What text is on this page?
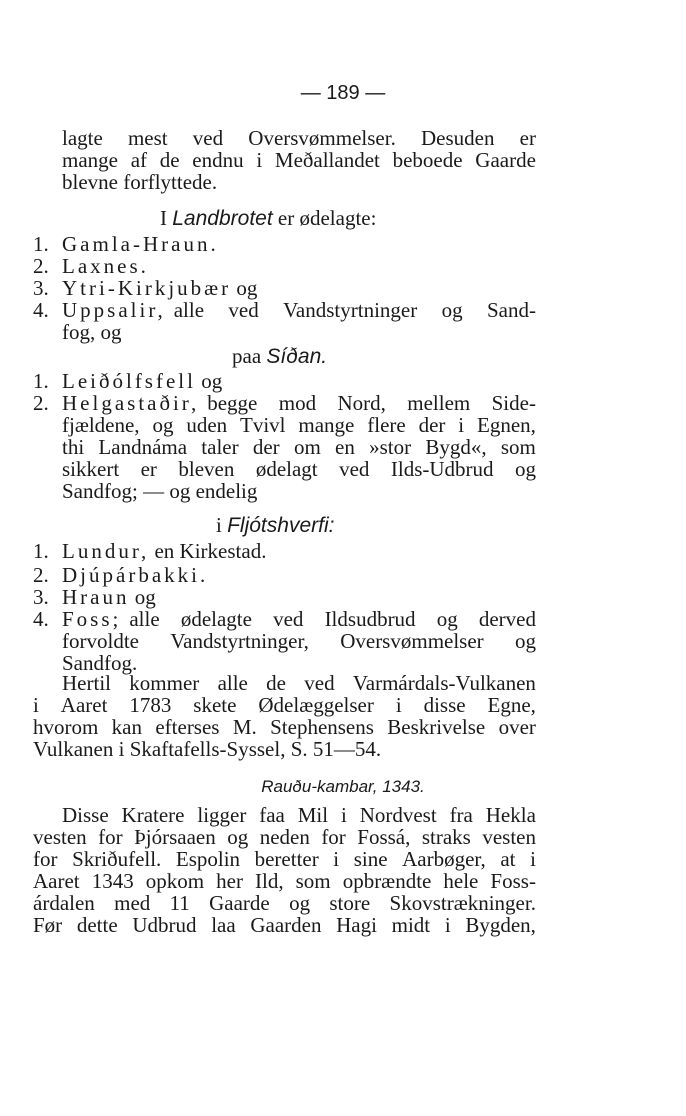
— 189 —
lagte mest ved Oversvømmelser. Desuden er
mange af de endnu i Meðallandet beboede Gaarde
blevne forflyttede.
I Landbrotet er ødelagte:
1. Gamla-Hraun.
2. Laxnes.
3. Ytri-Kirkjubær og
4. Uppsalir, alle ved Vandstyrtninger og Sand-
fog, og
paa Síðan.
1. Leiðólfsfell og
2. Helgastaðir, begge mod Nord, mellem Side-
fjældene, og uden Tvivl mange flere der i Egnen,
thi Landnáma taler der om en »stor Bygd«, som
sikkert er bleven ødelagt ved Ilds-Udbrud og
Sandfog; — og endelig
i Fljótshverfi:
1. Lundur, en Kirkestad.
2. Djúpárbakki.
3. Hraun og
4. Foss; alle ødelagte ved Ildsudbrud og derved
forvoldte Vandstyrtninger, Oversvømmelser og
Sandfog.
Hertil kommer alle de ved Varmárdals-Vulkanen
i Aaret 1783 skete Ødelæggelser i disse Egne,
hvorom kan efterses M. Stephensens Beskrivelse over
Vulkanen i Skaftafells-Syssel, S. 51—54.
Rauðu-kambar, 1343.
Disse Kratere ligger faa Mil i Nordvest fra Hekla
vesten for Þjórsaaen og neden for Fossá, straks vesten
for Skriðufell. Espolin beretter i sine Aarbøger, at i
Aaret 1343 opkom her Ild, som opbrændte hele Foss-
árdalen med 11 Gaarde og store Skovstrækninger.
Før dette Udbrud laa Gaarden Hagi midt i Bygden,
